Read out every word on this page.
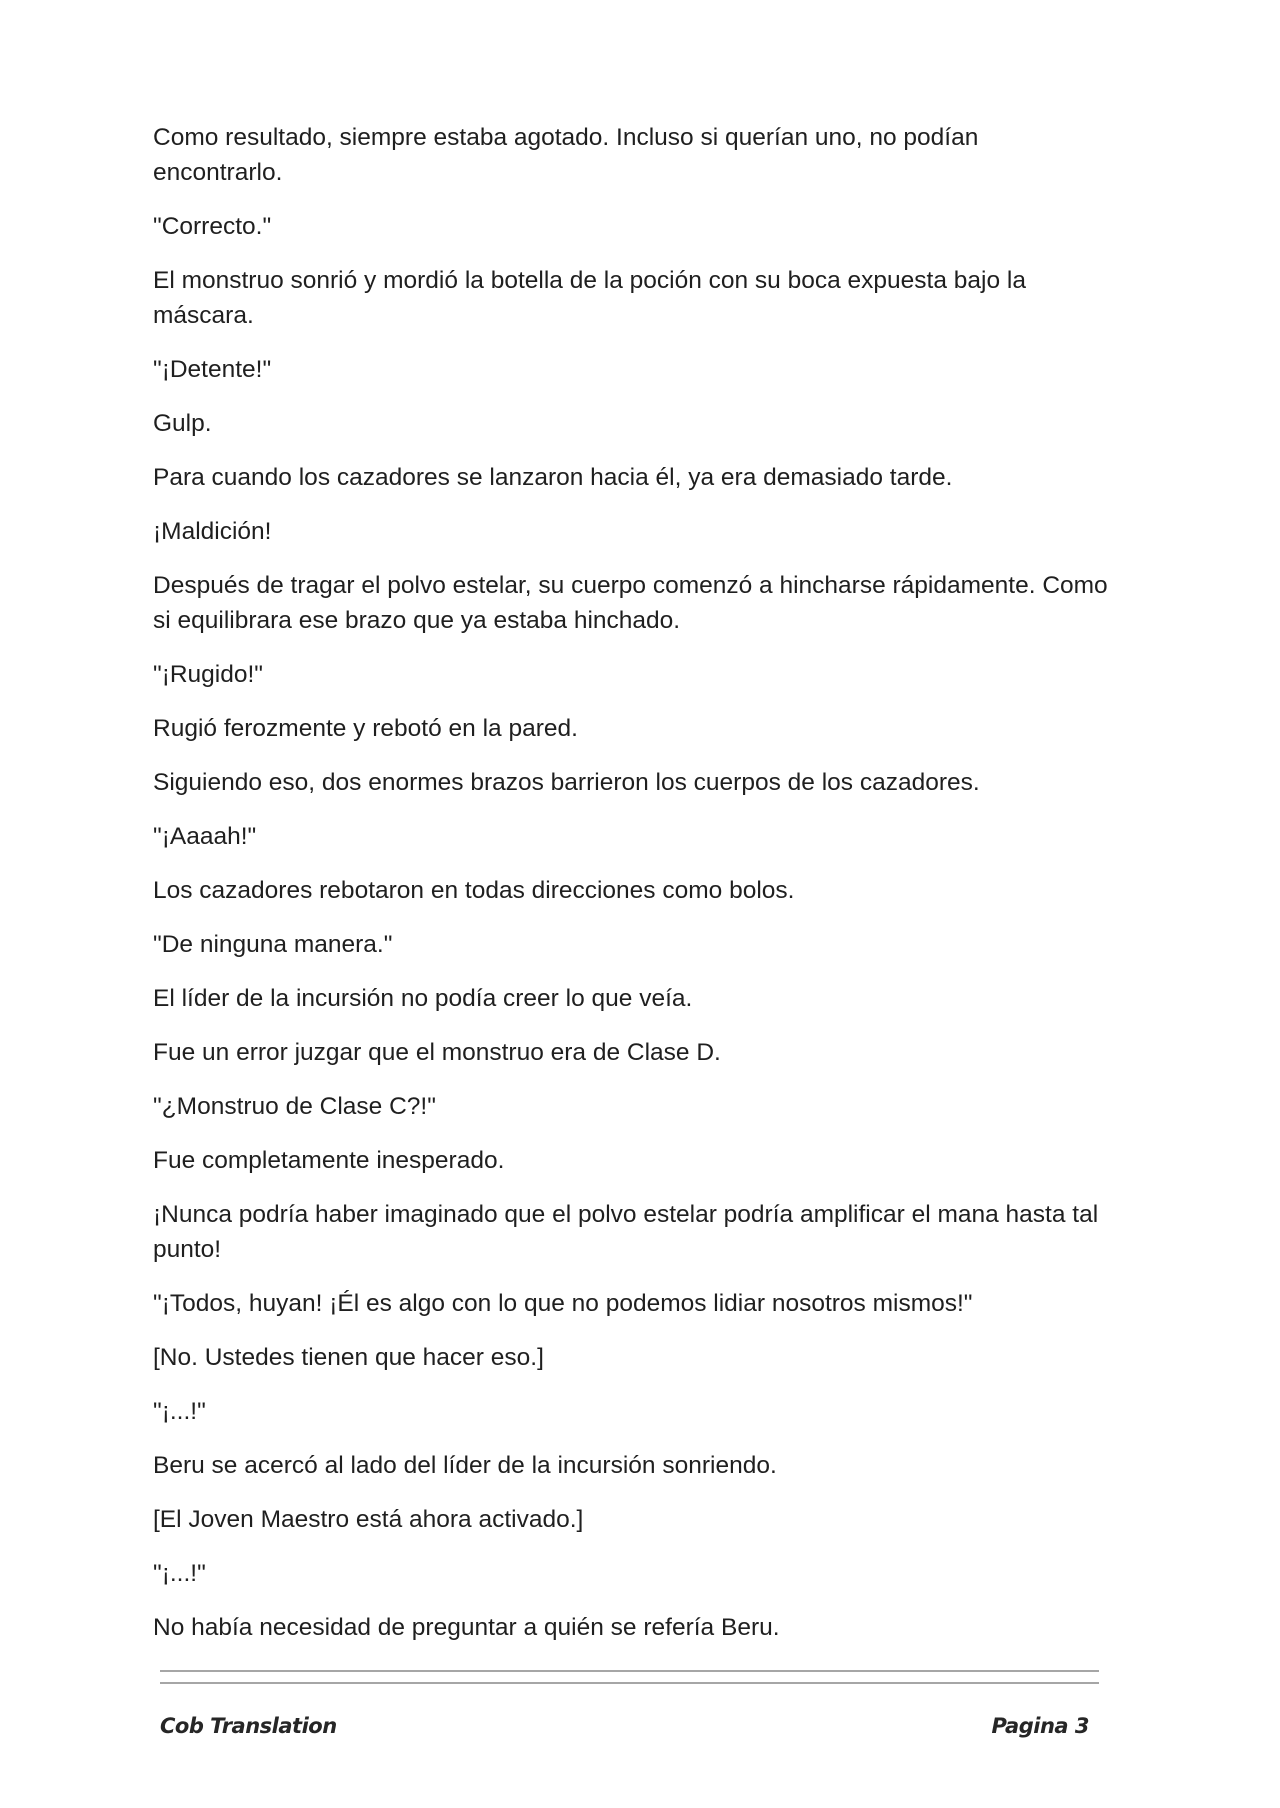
Como resultado, siempre estaba agotado. Incluso si querían uno, no podían encontrarlo.

"Correcto."

El monstruo sonrió y mordió la botella de la poción con su boca expuesta bajo la máscara.

"¡Detente!"

Gulp.

Para cuando los cazadores se lanzaron hacia él, ya era demasiado tarde.

¡Maldición!

Después de tragar el polvo estelar, su cuerpo comenzó a hincharse rápidamente. Como si equilibrara ese brazo que ya estaba hinchado.

"¡Rugido!"

Rugió ferozmente y rebotó en la pared.

Siguiendo eso, dos enormes brazos barrieron los cuerpos de los cazadores.

"¡Aaaah!"

Los cazadores rebotaron en todas direcciones como bolos.

"De ninguna manera."

El líder de la incursión no podía creer lo que veía.

Fue un error juzgar que el monstruo era de Clase D.

"¿Monstruo de Clase C?!"

Fue completamente inesperado.

¡Nunca podría haber imaginado que el polvo estelar podría amplificar el mana hasta tal punto!

"¡Todos, huyan! ¡Él es algo con lo que no podemos lidiar nosotros mismos!"

[No. Ustedes tienen que hacer eso.]

"¡...!"

Beru se acercó al lado del líder de la incursión sonriendo.

[El Joven Maestro está ahora activado.]

"¡...!"

No había necesidad de preguntar a quién se refería Beru.

Cob Translation	Pagina 3
